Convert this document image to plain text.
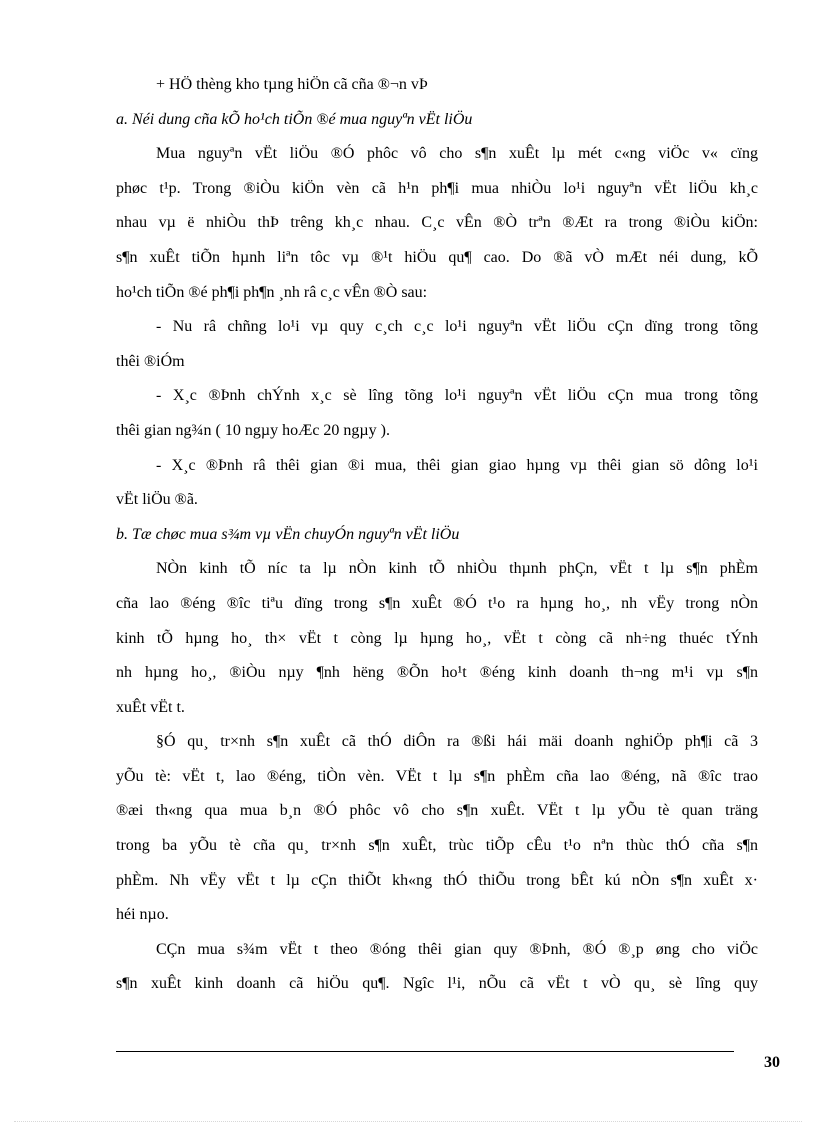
+ HÖ thèng kho tµng hiÖn cã cña ®¬n vÞ
a. Néi dung cña kÕ ho¹ch tiÕn ®é mua nguyªn vËt liÖu
Mua nguyªn vËt liÖu ®Ó phôc vô cho s¶n xuÊt lµ mét c«ng viÖc v« cïng
phøc t¹p. Trong ®iÒu kiÖn vèn cã h¹n ph¶i mua nhiÒu lo¹i nguyªn vËt liÖu kh¸c
nhau vµ ë nhiÒu thÞ trêng kh¸c nhau. C¸c vÊn ®Ò trªn ®Æt ra trong ®iÒu kiÖn:
s¶n xuÊt tiÕn hµnh liªn tôc vµ ®¹t hiÖu qu¶ cao. Do ®ã vÒ mÆt néi dung, kÕ
ho¹ch tiÕn ®é ph¶i ph¶n ¸nh râ c¸c vÊn ®Ò sau:
- Nu râ chñng lo¹i vµ quy c¸ch c¸c lo¹i nguyªn vËt liÖu cÇn dïng trong tõng
thêi ®iÓm
- X¸c ®Þnh chÝnh x¸c sè lîng tõng lo¹i nguyªn vËt liÖu cÇn mua trong tõng
thêi gian ng¾n ( 10 ngµy hoÆc 20 ngµy ).
- X¸c ®Þnh râ thêi gian ®i mua, thêi gian giao hµng vµ thêi gian sö dông lo¹i
vËt liÖu ®ã.
b. Tæ chøc mua s¾m vµ vËn chuyÓn nguyªn vËt liÖu
NÒn kinh tÕ níc ta lµ nÒn kinh tÕ nhiÒu thµnh phÇn, vËt t lµ s¶n phÈm
cña lao ®éng ®îc tiªu dïng trong s¶n xuÊt ®Ó t¹o ra hµng ho¸, nh vËy trong nÒn
kinh tÕ hµng ho¸ th× vËt t còng lµ hµng ho¸, vËt t còng cã nh÷ng thuéc tÝnh
nh hµng ho¸, ®iÒu nµy ¶nh hëng ®Õn ho¹t ®éng kinh doanh th¬ng m¹i vµ s¶n
xuÊt vËt t.
§Ó qu¸ tr×nh s¶n xuÊt cã thÓ diÔn ra ®ßi hái mäi doanh nghiÖp ph¶i cã 3
yÕu tè: vËt t, lao ®éng, tiÒn vèn. VËt t lµ s¶n phÈm cña lao ®éng, nã ®îc trao
®æi th«ng qua mua b¸n ®Ó phôc vô cho s¶n xuÊt. VËt t lµ yÕu tè quan träng
trong ba yÕu tè cña qu¸ tr×nh s¶n xuÊt, trùc tiÕp cÊu t¹o nªn thùc thÓ cña s¶n
phÈm. Nh vËy vËt t lµ cÇn thiÕt kh«ng thÓ thiÕu trong bÊt kú nÒn s¶n xuÊt x·
héi nµo.
CÇn mua s¾m vËt t theo ®óng thêi gian quy ®Þnh, ®Ó ®¸p øng cho viÖc
s¶n xuÊt kinh doanh cã hiÖu qu¶. Ngîc l¹i, nÕu cã vËt t vÒ qu¸ sè lîng quy
30
